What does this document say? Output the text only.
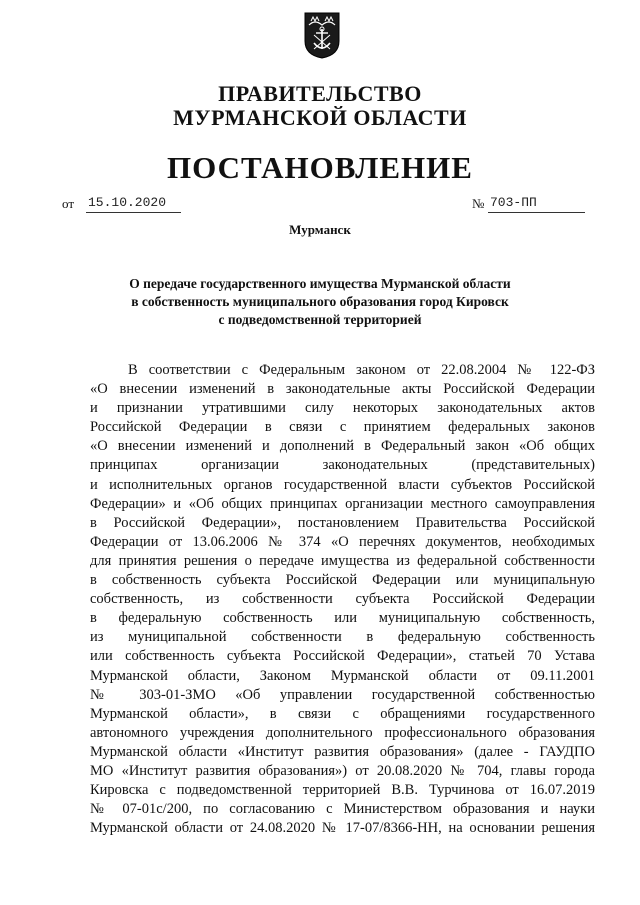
ПРАВИТЕЛЬСТВО
МУРМАНСКОЙ ОБЛАСТИ
ПОСТАНОВЛЕНИЕ
от 15.10.2020	№ 703-ПП
Мурманск
О передаче государственного имущества Мурманской области
в собственность муниципального образования город Кировск
с подведомственной территорией
В соответствии с Федеральным законом от 22.08.2004 № 122-ФЗ
«О внесении изменений в законодательные акты Российской Федерации
и признании утратившими силу некоторых законодательных актов
Российской Федерации в связи с принятием федеральных законов
«О внесении изменений и дополнений в Федеральный закон «Об общих
принципах организации законодательных (представительных)
и исполнительных органов государственной власти субъектов Российской
Федерации» и «Об общих принципах организации местного самоуправления
в Российской Федерации», постановлением Правительства Российской
Федерации от 13.06.2006 № 374 «О перечнях документов, необходимых
для принятия решения о передаче имущества из федеральной собственности
в собственность субъекта Российской Федерации или муниципальную
собственность, из собственности субъекта Российской Федерации
в федеральную собственность или муниципальную собственность,
из муниципальной собственности в федеральную собственность
или собственность субъекта Российской Федерации», статьей 70 Устава
Мурманской области, Законом Мурманской области от 09.11.2001
№ 303-01-ЗМО «Об управлении государственной собственностью
Мурманской области», в связи с обращениями государственного
автономного учреждения дополнительного профессионального образования
Мурманской области «Институт развития образования» (далее - ГАУДПО
МО «Институт развития образования») от 20.08.2020 № 704, главы города
Кировска с подведомственной территорией В.В. Турчинова от 16.07.2019
№ 07-01с/200, по согласованию с Министерством образования и науки
Мурманской области от 24.08.2020 № 17-07/8366-НН, на основании решения
